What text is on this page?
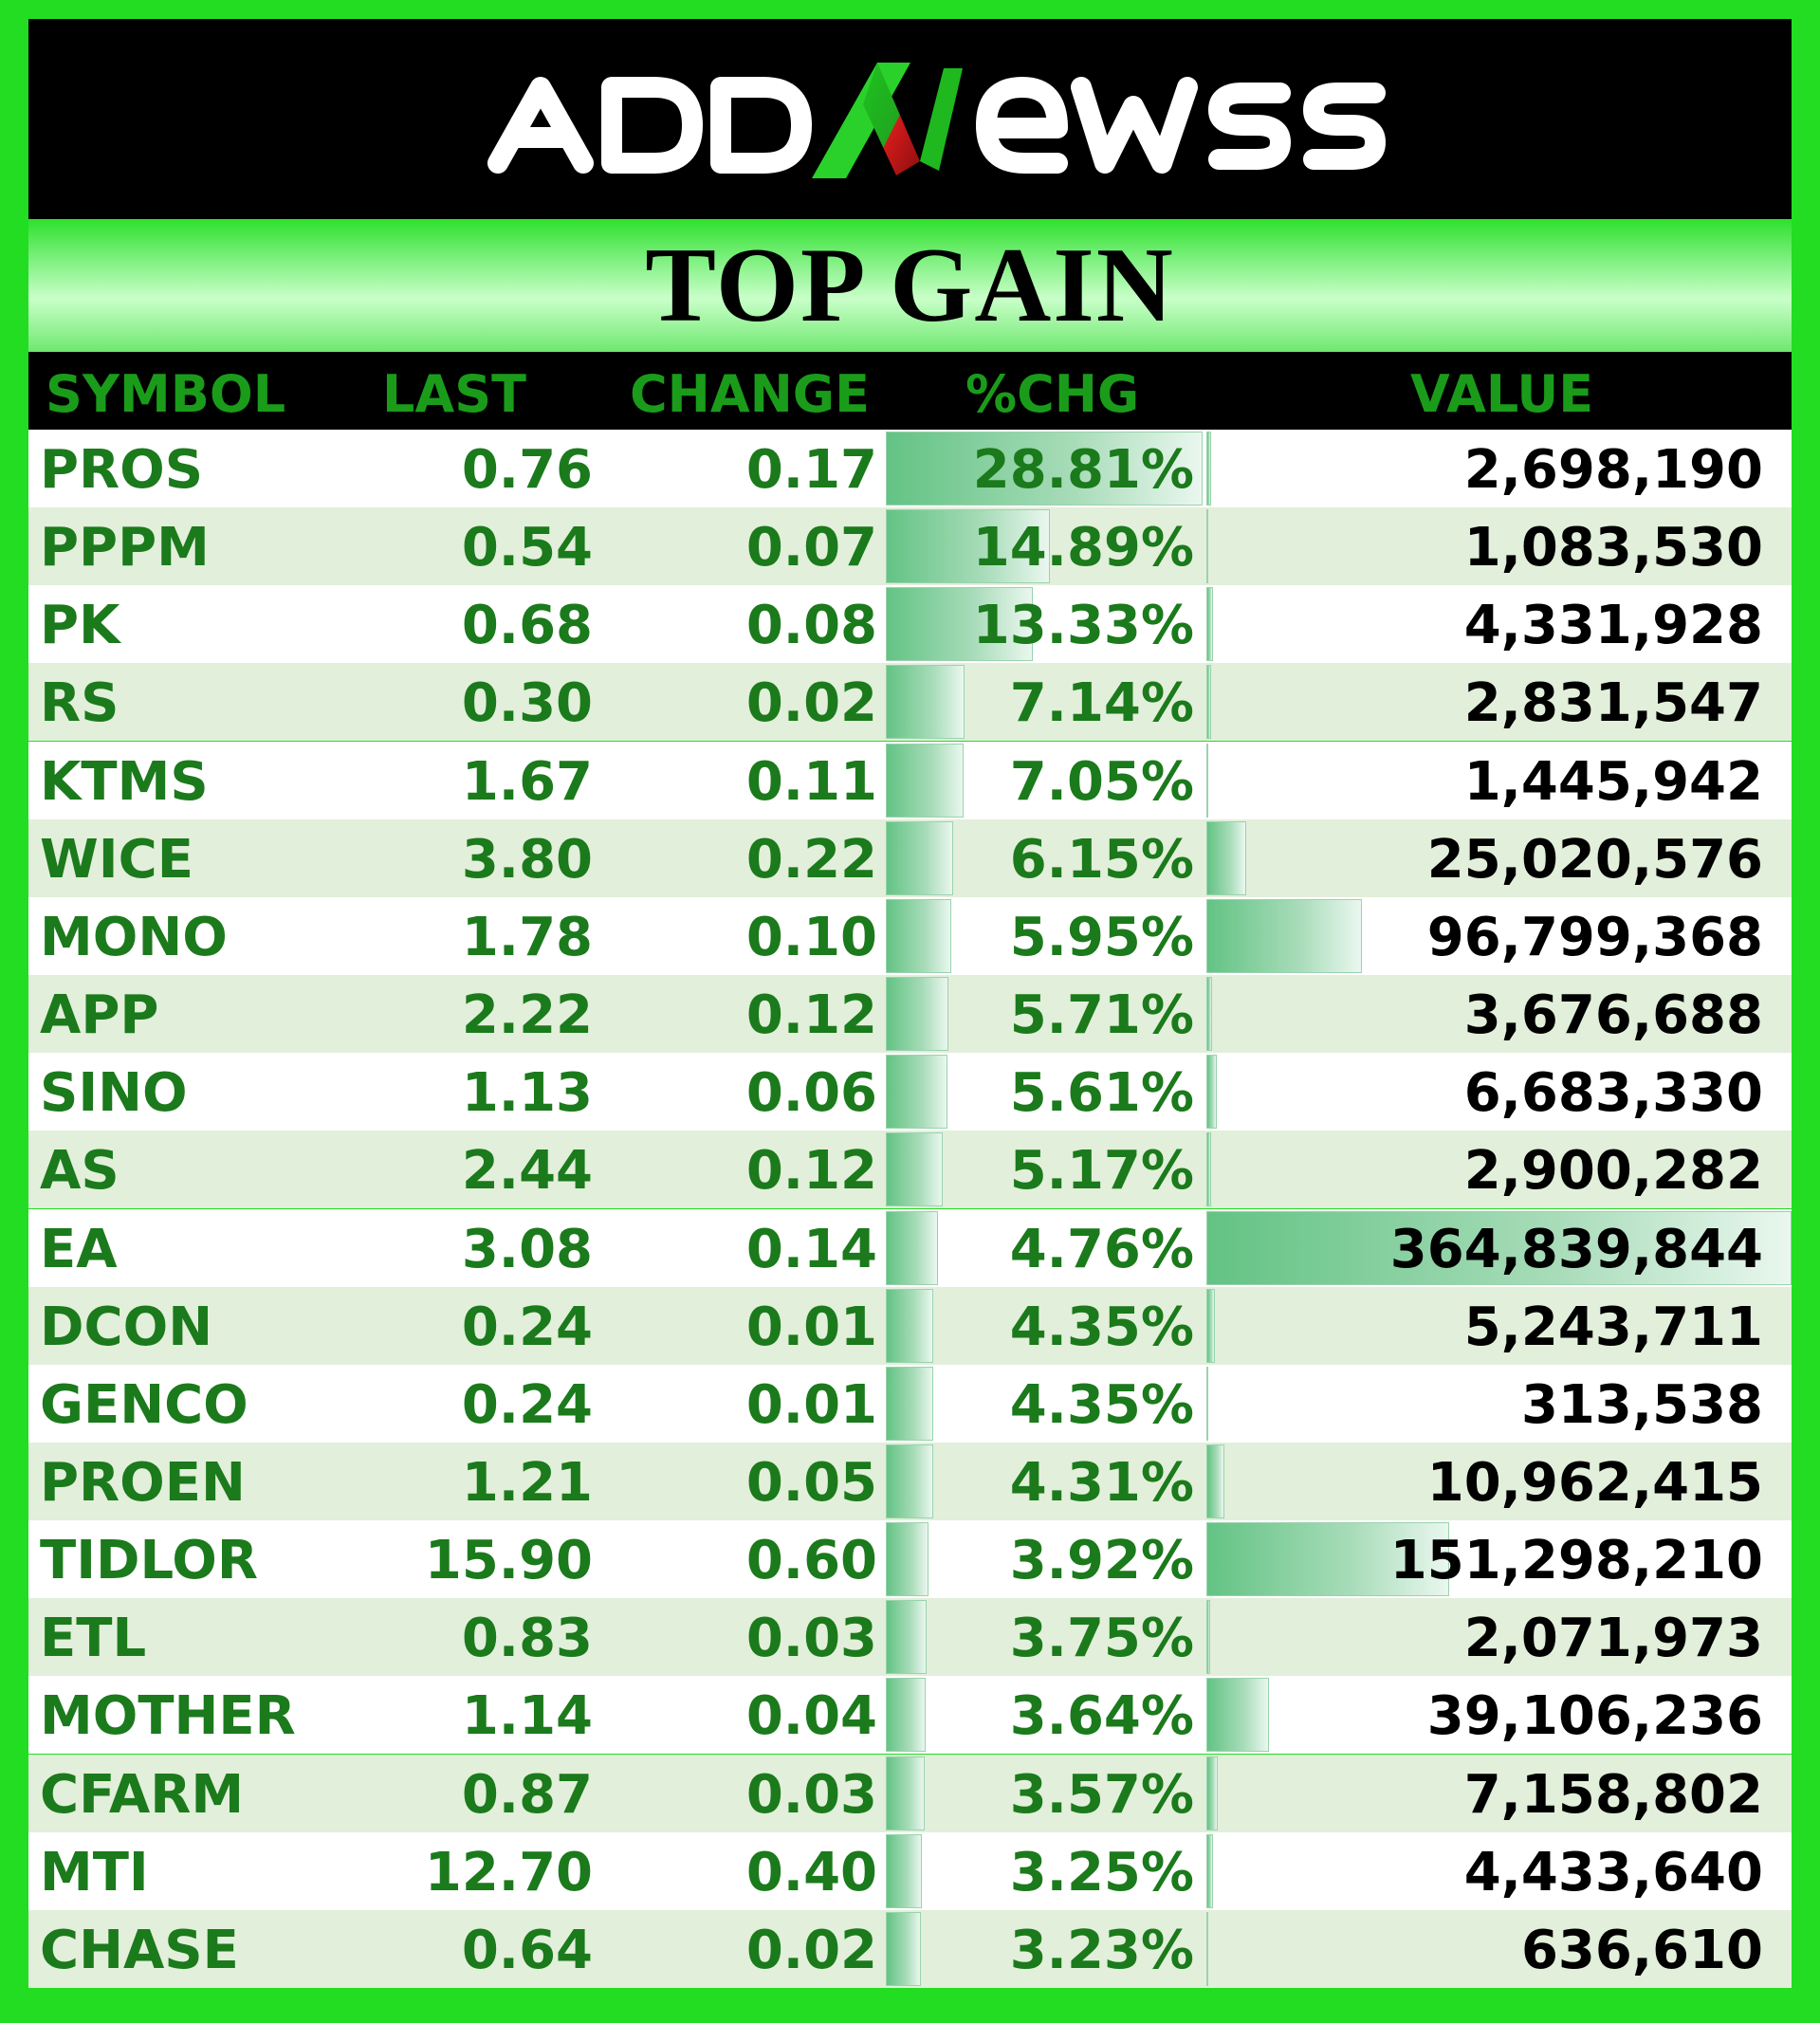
TOP GAIN
SYMBOL LAST CHANGE %CHG	VALUE
PROS	0.76	0.17 28.81%	2,698,190
PPPM	0.54	0.07 14.89%	1,083,530
PK	0.68	0.08 13.33%	4,331,928
RS	0.30	0.02 7.14%	2,831,547
KTMS	1.67	0.11 7.05%	1,445,942
WICE	3.80	0.22 6.15%	25,020,576
MONO	1.78	0.10 5.95%	96,799,368
APP	2.22	0.12 5.71%	3,676,688
SINO	1.13	0.06 5.61%	6,683,330
AS	2.44	0.12 5.17%	2,900,282
EA	3.08	0.14 4.76%	364,839,844
DCON	0.24	0.01 4.35%	5,243,711
GENCO	0.24	0.01 4.35%	313,538
PROEN	1.21	0.05 4.31%	10,962,415
TIDLOR	15.90	0.60 3.92%	151,298,210
ETL	0.83	0.03 3.75%	2,071,973
MOTHER	1.14	0.04 3.64%	39,106,236
CFARM	0.87	0.03 3.57%	7,158,802
MTI	12.70	0.40 3.25%	4,433,640
CHASE	0.64	0.02 3.23%	636,610
